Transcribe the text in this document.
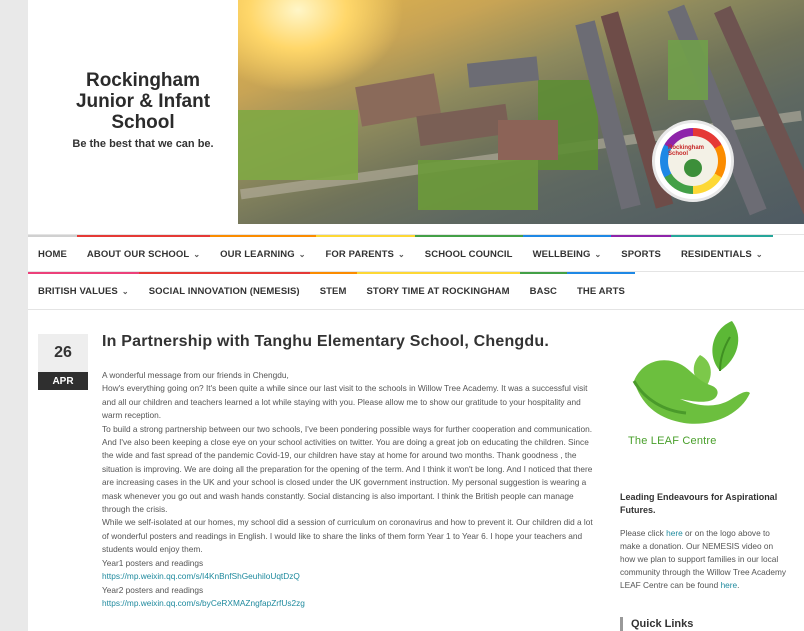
Rockingham
Junior & Infant
School
Be the best that we can be.	Rockingham School
HOME ABOUT OUR SCHOOL ⌄ OUR LEARNING ⌄ FOR PARENTS ⌄ SCHOOL COUNCIL WELLBEING ⌄ SPORTS RESIDENTIALS ⌄
BRITISH VALUES ⌄ SOCIAL INNOVATION (NEMESIS) STEM STORY TIME AT ROCKINGHAM BASC THE ARTS
26
APR
In Partnership with Tanghu Elementary School, Chengdu.

A wonderful message from our friends in Chengdu,

How's everything going on? It's been quite a while since our last visit to the schools in Willow Tree Academy. It was a successful visit and all our children and teachers learned a lot while staying with you. Please allow me to show our gratitude to your hospitality and warm reception.

To build a strong partnership between our two schools, I've been pondering possible ways for further cooperation and communication. And I've also been keeping a close eye on your school activities on twitter. You are doing a great job on educating the children. Since the wide and fast spread of the pandemic Covid-19, our children have stay at home for around two months. Thank goodness , the situation is improving. We are doing all the preparation for the opening of the term. And I think it won't be long. And I noticed that there are increasing cases in the UK and your school is closed under the UK government instruction. My personal suggestion is wearing a mask whenever you go out and wash hands constantly. Social distancing is also important. I think the British people can manage through the crisis.

While we self-isolated at our homes, my school did a session of curriculum on coronavirus and how to prevent it. Our children did a lot of wonderful posters and readings in English. I would like to share the links of them form Year 1 to Year 6. I hope your teachers and students would enjoy them.

Year1 posters and readings

https://mp.weixin.qq.com/s/I4KnBnfShGeuhiloUqtDzQ

Year2 posters and readings

https://mp.weixin.qq.com/s/byCeRXMAZngfapZrfUs2zg

The LEAF Centre
Leading Endeavours for Aspirational Futures.
Please click here or on the logo above to make a donation. Our NEMESIS video on how we plan to support families in our local community through the Willow Tree Academy LEAF Centre can be found here.
Quick Links
